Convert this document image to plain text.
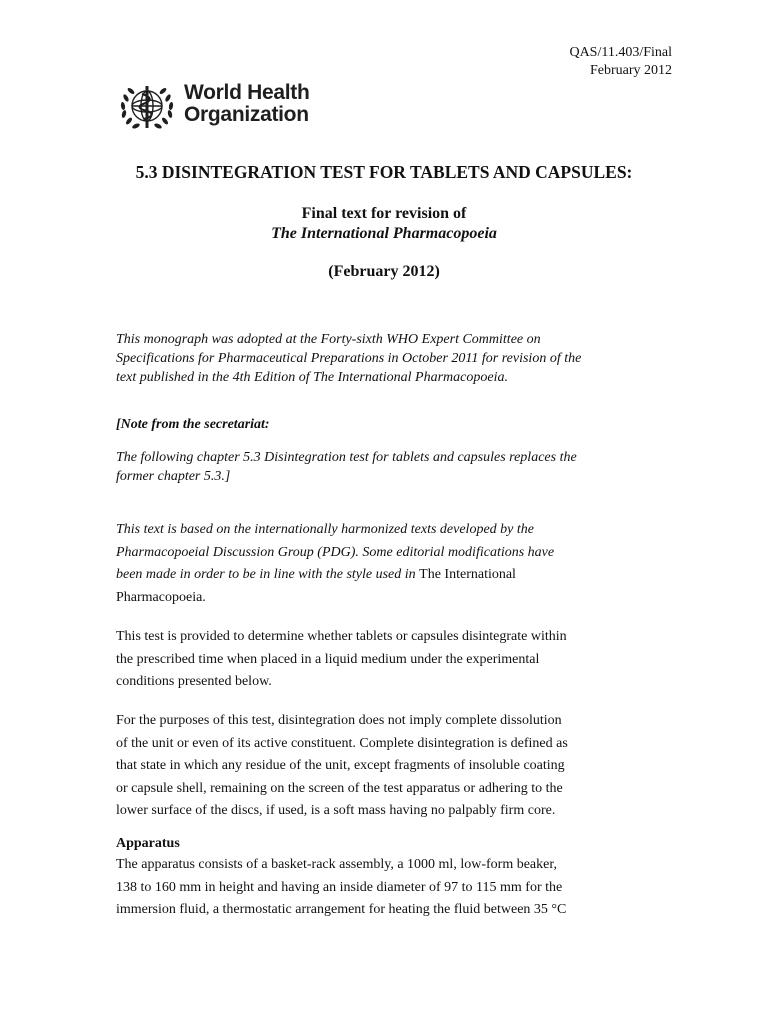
QAS/11.403/Final
February 2012
World Health
Organization
5.3 DISINTEGRATION TEST FOR TABLETS AND CAPSULES:
Final text for revision of
The International Pharmacopoeia
(February 2012)
This monograph was adopted at the Forty-sixth WHO Expert Committee on
Specifications for Pharmaceutical Preparations in October 2011 for revision of the
text published in the 4th Edition of The International Pharmacopoeia.
[Note from the secretariat:
The following chapter 5.3 Disintegration test for tablets and capsules replaces the
former chapter 5.3.]
This text is based on the internationally harmonized texts developed by the
Pharmacopoeial Discussion Group (PDG). Some editorial modifications have
been made in order to be in line with the style used in The International
Pharmacopoeia.
This test is provided to determine whether tablets or capsules disintegrate within
the prescribed time when placed in a liquid medium under the experimental
conditions presented below.
For the purposes of this test, disintegration does not imply complete dissolution
of the unit or even of its active constituent. Complete disintegration is defined as
that state in which any residue of the unit, except fragments of insoluble coating
or capsule shell, remaining on the screen of the test apparatus or adhering to the
lower surface of the discs, if used, is a soft mass having no palpably firm core.
Apparatus
The apparatus consists of a basket-rack assembly, a 1000 ml, low-form beaker,
138 to 160 mm in height and having an inside diameter of 97 to 115 mm for the
immersion fluid, a thermostatic arrangement for heating the fluid between 35 °C
